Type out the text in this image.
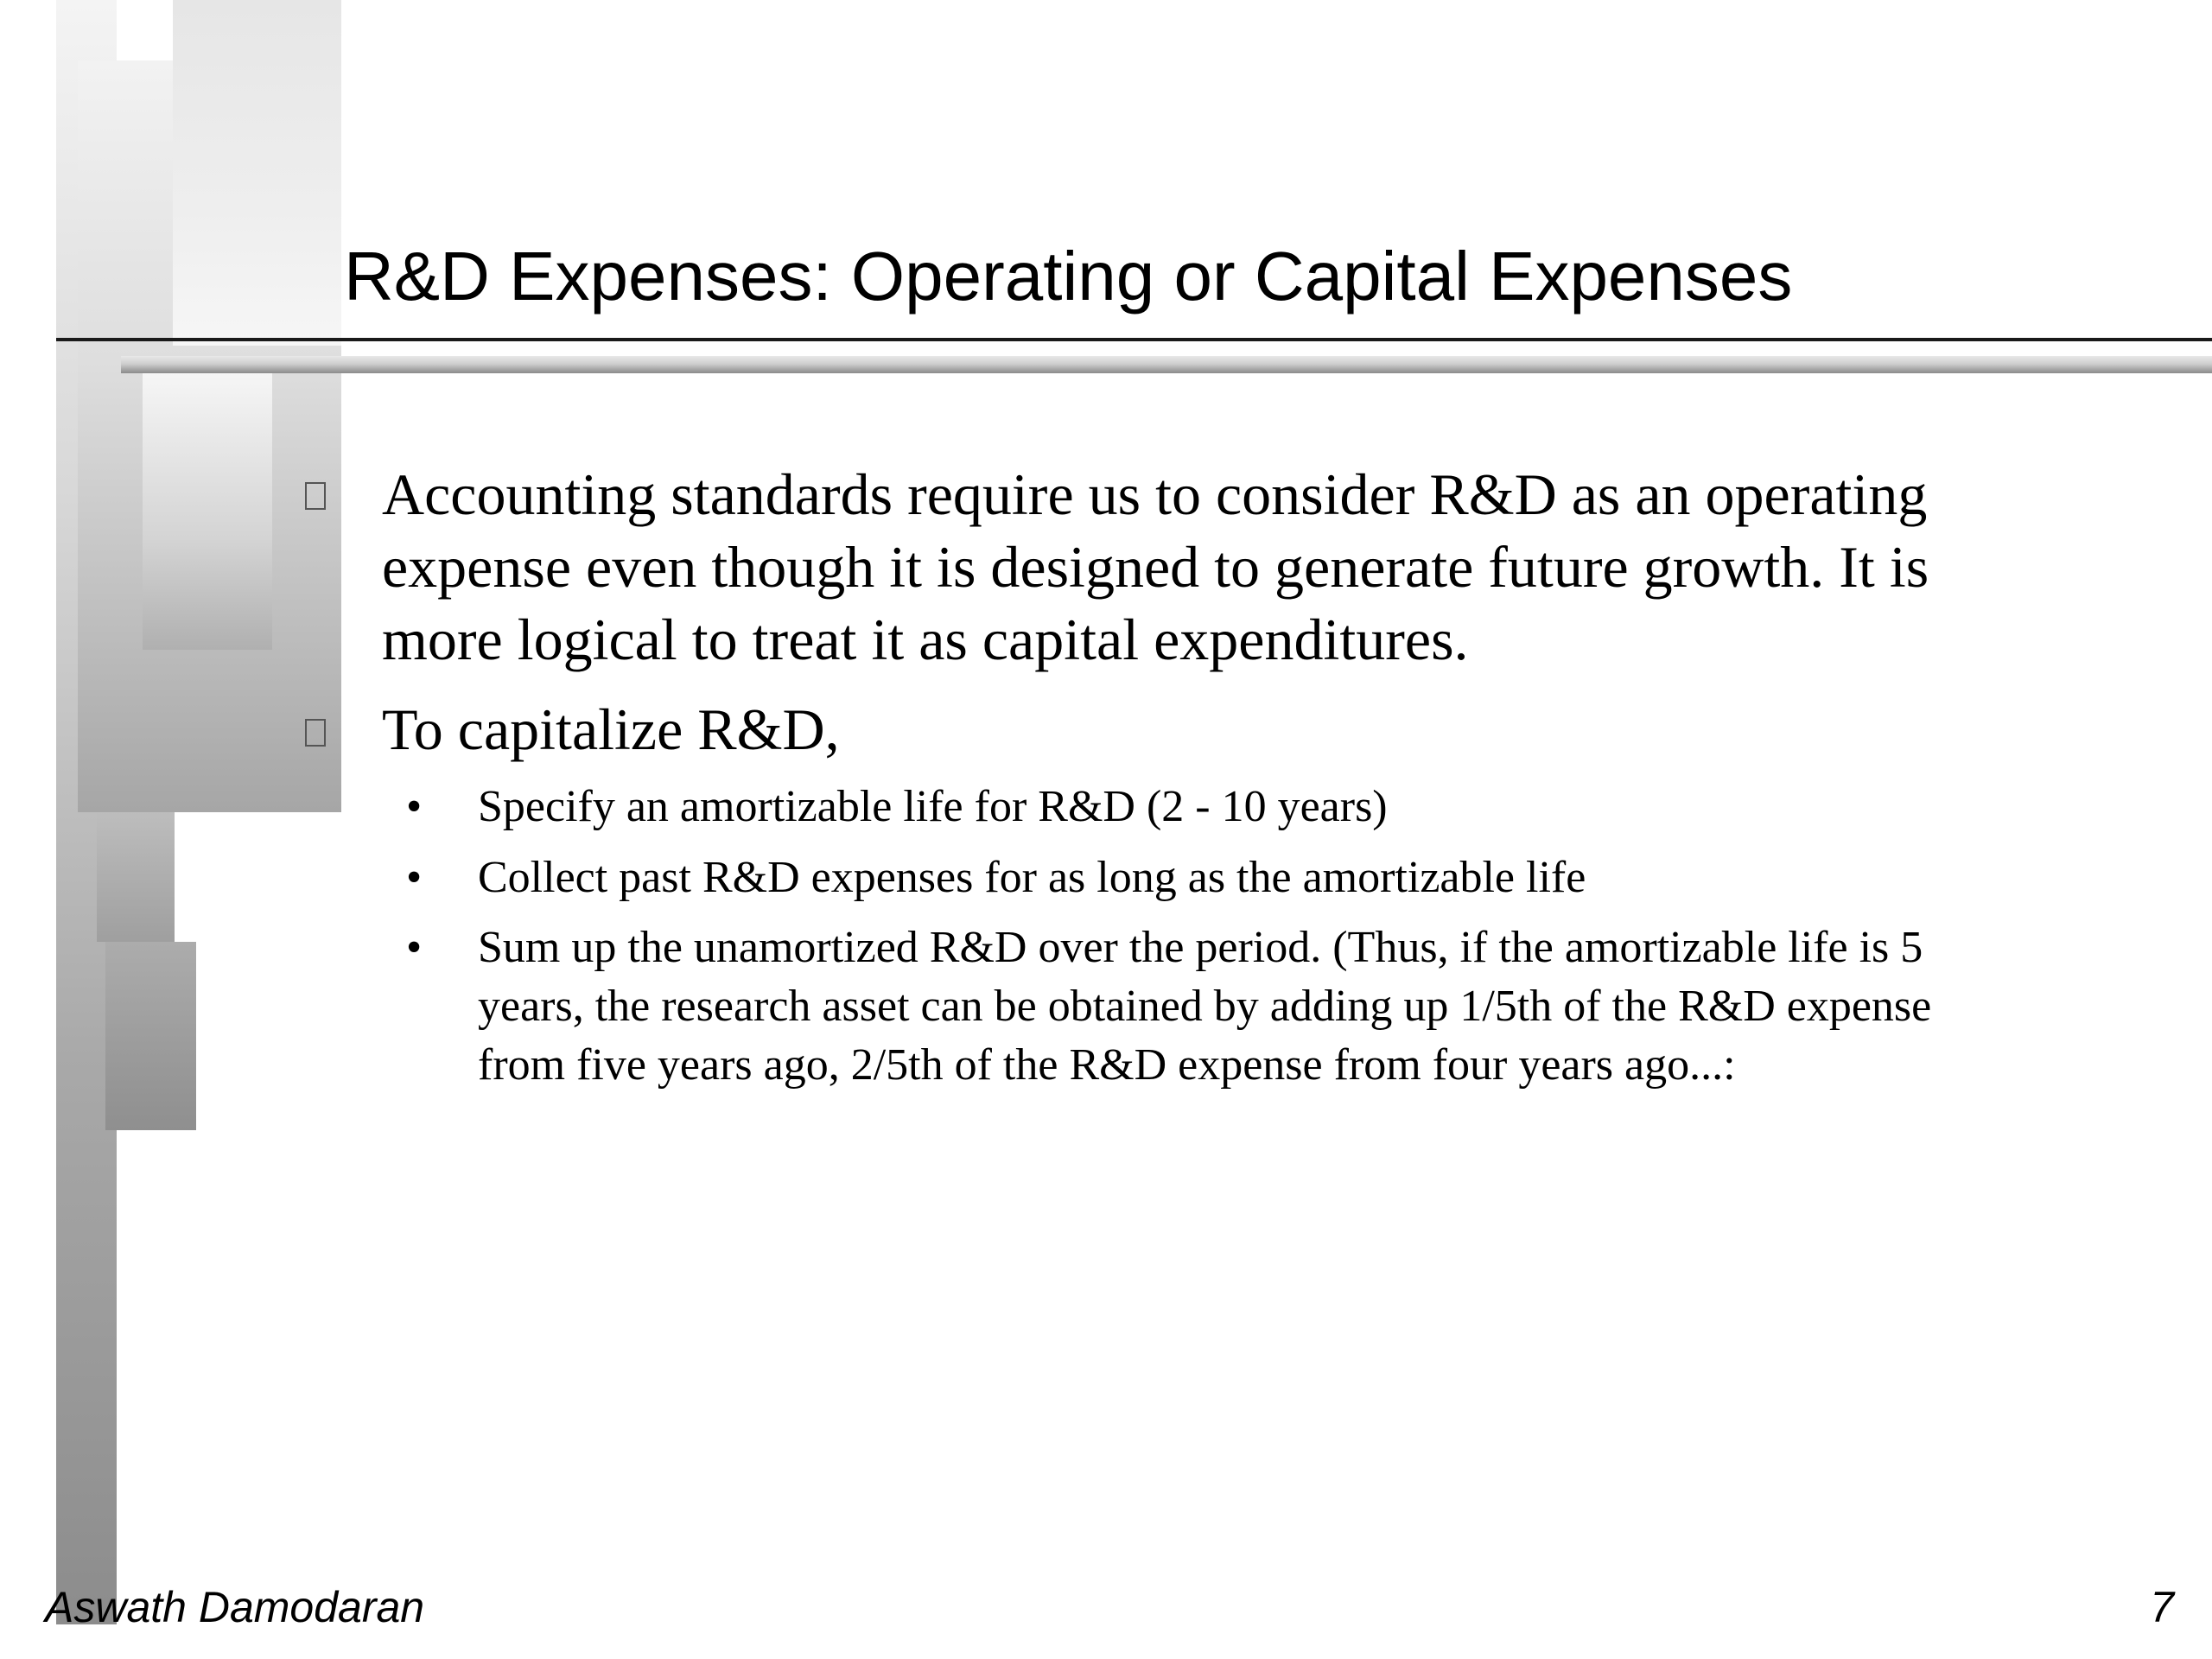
R&D Expenses: Operating or Capital Expenses
Accounting standards require us to consider R&D as an operating
expense even though it is designed to generate future growth. It is
more logical to treat it as capital expenditures.
To capitalize R&D,
• Specify an amortizable life for R&D (2 - 10 years)
• Collect past R&D expenses for as long as the amortizable life
• Sum up the unamortized R&D over the period. (Thus, if the amortizable life is 5
years, the research asset can be obtained by adding up 1/5th of the R&D expense
from five years ago, 2/5th of the R&D expense from four years ago...:
Aswath Damodaran	7
